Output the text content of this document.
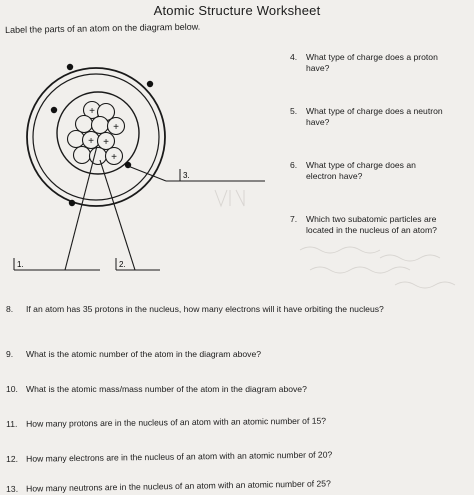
Atomic Structure Worksheet
Label the parts of an atom on the diagram below.
+
+
+ +
+
1.	2.
3.
4. What type of charge does a proton have?
5. What type of charge does a neutron have?
6. What type of charge does an electron have?
7. Which two subatomic particles are located in the nucleus of an atom?
8. If an atom has 35 protons in the nucleus, how many electrons will it have orbiting the nucleus?
9. What is the atomic number of the atom in the diagram above?
10. What is the atomic mass/mass number of the atom in the diagram above?
11. How many protons are in the nucleus of an atom with an atomic number of 15?
12. How many electrons are in the nucleus of an atom with an atomic number of 20?
13. How many neutrons are in the nucleus of an atom with an atomic number of 25?
